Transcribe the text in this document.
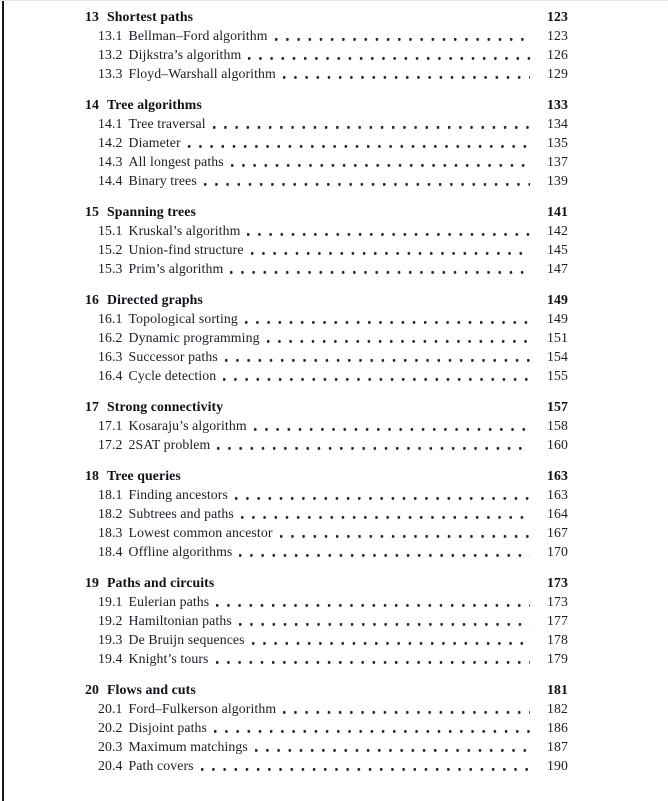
13 Shortest paths	123
13.1 Bellman–Ford algorithm	123
13.2 Dijkstra’s algorithm	126
13.3 Floyd–Warshall algorithm	129
14 Tree algorithms	133
14.1 Tree traversal	134
14.2 Diameter	135
14.3 All longest paths	137
14.4 Binary trees	139
15 Spanning trees	141
15.1 Kruskal’s algorithm	142
15.2 Union-find structure	145
15.3 Prim’s algorithm	147
16 Directed graphs	149
16.1 Topological sorting	149
16.2 Dynamic programming	151
16.3 Successor paths	154
16.4 Cycle detection	155
17 Strong connectivity	157
17.1 Kosaraju’s algorithm	158
17.2 2SAT problem	160
18 Tree queries	163
18.1 Finding ancestors	163
18.2 Subtrees and paths	164
18.3 Lowest common ancestor	167
18.4 Offline algorithms	170
19 Paths and circuits	173
19.1 Eulerian paths	173
19.2 Hamiltonian paths	177
19.3 De Bruijn sequences	178
19.4 Knight’s tours	179
20 Flows and cuts	181
20.1 Ford–Fulkerson algorithm	182
20.2 Disjoint paths	186
20.3 Maximum matchings	187
20.4 Path covers	190
